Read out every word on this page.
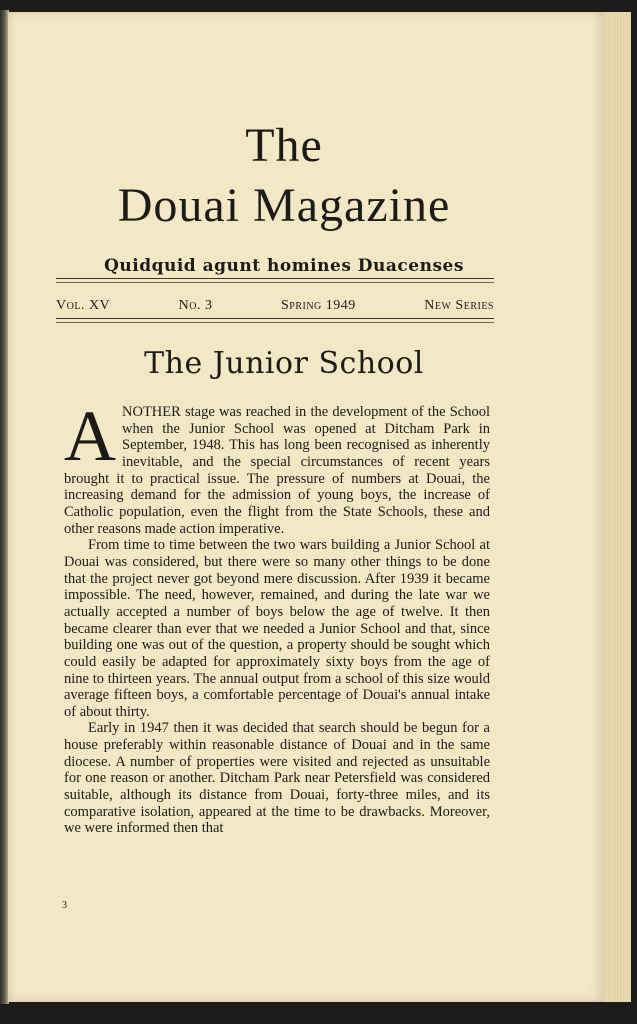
The
Douai Magazine
Quidquid agunt homines Duacenses
Vol. XV	No. 3	Spring 1949	New Series
The Junior School

ANOTHER stage was reached in the development of the School when the Junior School was opened at Ditcham Park in September, 1948. This has long been recognised as inherently inevitable, and the special circumstances of recent years brought it to practical issue. The pressure of numbers at Douai, the increasing demand for the admission of young boys, the increase of Catholic population, even the flight from the State Schools, these and other reasons made action imperative.

From time to time between the two wars building a Junior School at Douai was considered, but there were so many other things to be done that the project never got beyond mere discussion. After 1939 it became impossible. The need, however, remained, and during the late war we actually accepted a number of boys below the age of twelve. It then became clearer than ever that we needed a Junior School and that, since building one was out of the question, a property should be sought which could easily be adapted for approximately sixty boys from the age of nine to thirteen years. The annual output from a school of this size would average fifteen boys, a comfortable percentage of Douai's annual intake of about thirty.

Early in 1947 then it was decided that search should be begun for a house preferably within reasonable distance of Douai and in the same diocese. A number of properties were visited and rejected as unsuitable for one reason or another. Ditcham Park near Petersfield was considered suitable, although its distance from Douai, forty-three miles, and its comparative isolation, appeared at the time to be drawbacks. Moreover, we were informed then that

3
